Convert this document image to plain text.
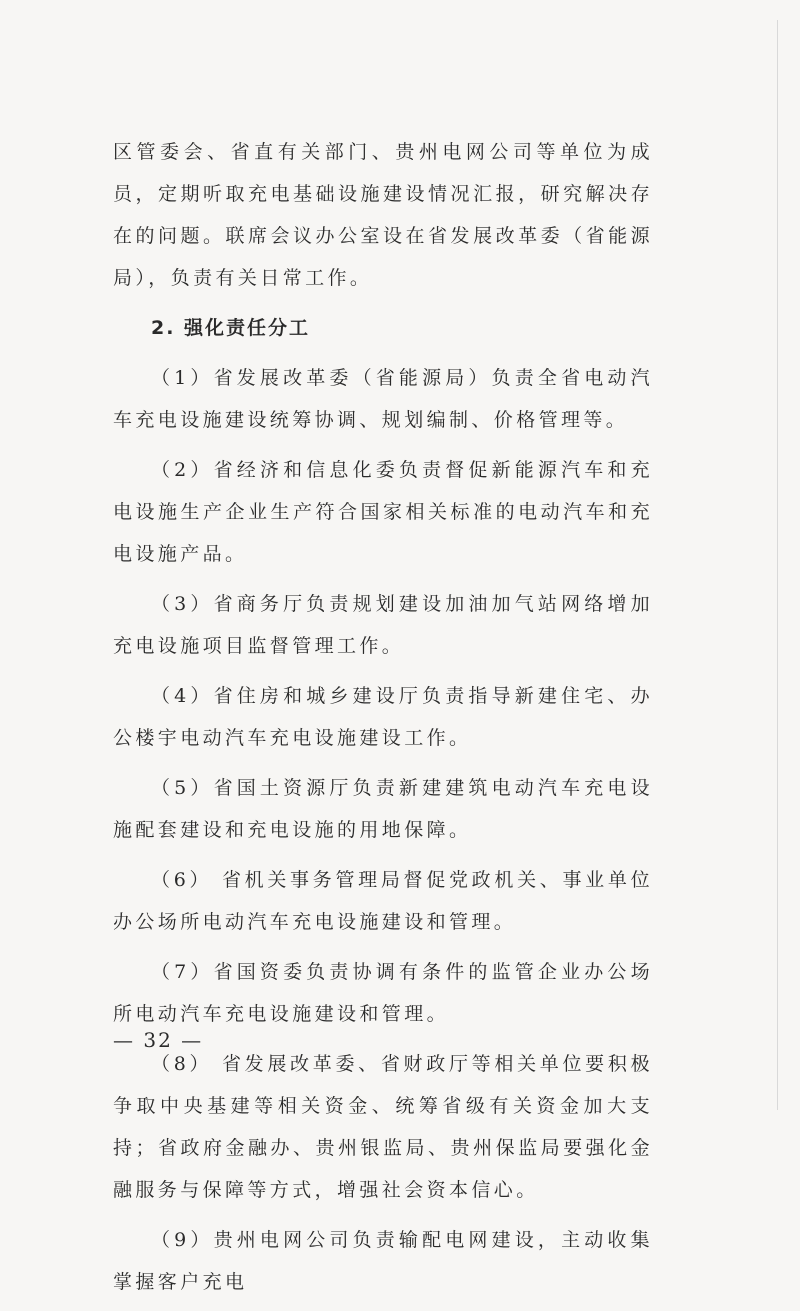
区管委会、省直有关部门、贵州电网公司等单位为成员，定期听取充电基础设施建设情况汇报，研究解决存在的问题。联席会议办公室设在省发展改革委（省能源局），负责有关日常工作。

2. 强化责任分工

（1）省发展改革委（省能源局）负责全省电动汽车充电设施建设统筹协调、规划编制、价格管理等。

（2）省经济和信息化委负责督促新能源汽车和充电设施生产企业生产符合国家相关标准的电动汽车和充电设施产品。

（3）省商务厅负责规划建设加油加气站网络增加充电设施项目监督管理工作。

（4）省住房和城乡建设厅负责指导新建住宅、办公楼宇电动汽车充电设施建设工作。

（5）省国土资源厅负责新建建筑电动汽车充电设施配套建设和充电设施的用地保障。

（6） 省机关事务管理局督促党政机关、事业单位办公场所电动汽车充电设施建设和管理。

（7）省国资委负责协调有条件的监管企业办公场所电动汽车充电设施建设和管理。

（8） 省发展改革委、省财政厅等相关单位要积极争取中央基建等相关资金、统筹省级有关资金加大支持；省政府金融办、贵州银监局、贵州保监局要强化金融服务与保障等方式，增强社会资本信心。

（9）贵州电网公司负责输配电网建设，主动收集掌握客户充电

— 32 —
